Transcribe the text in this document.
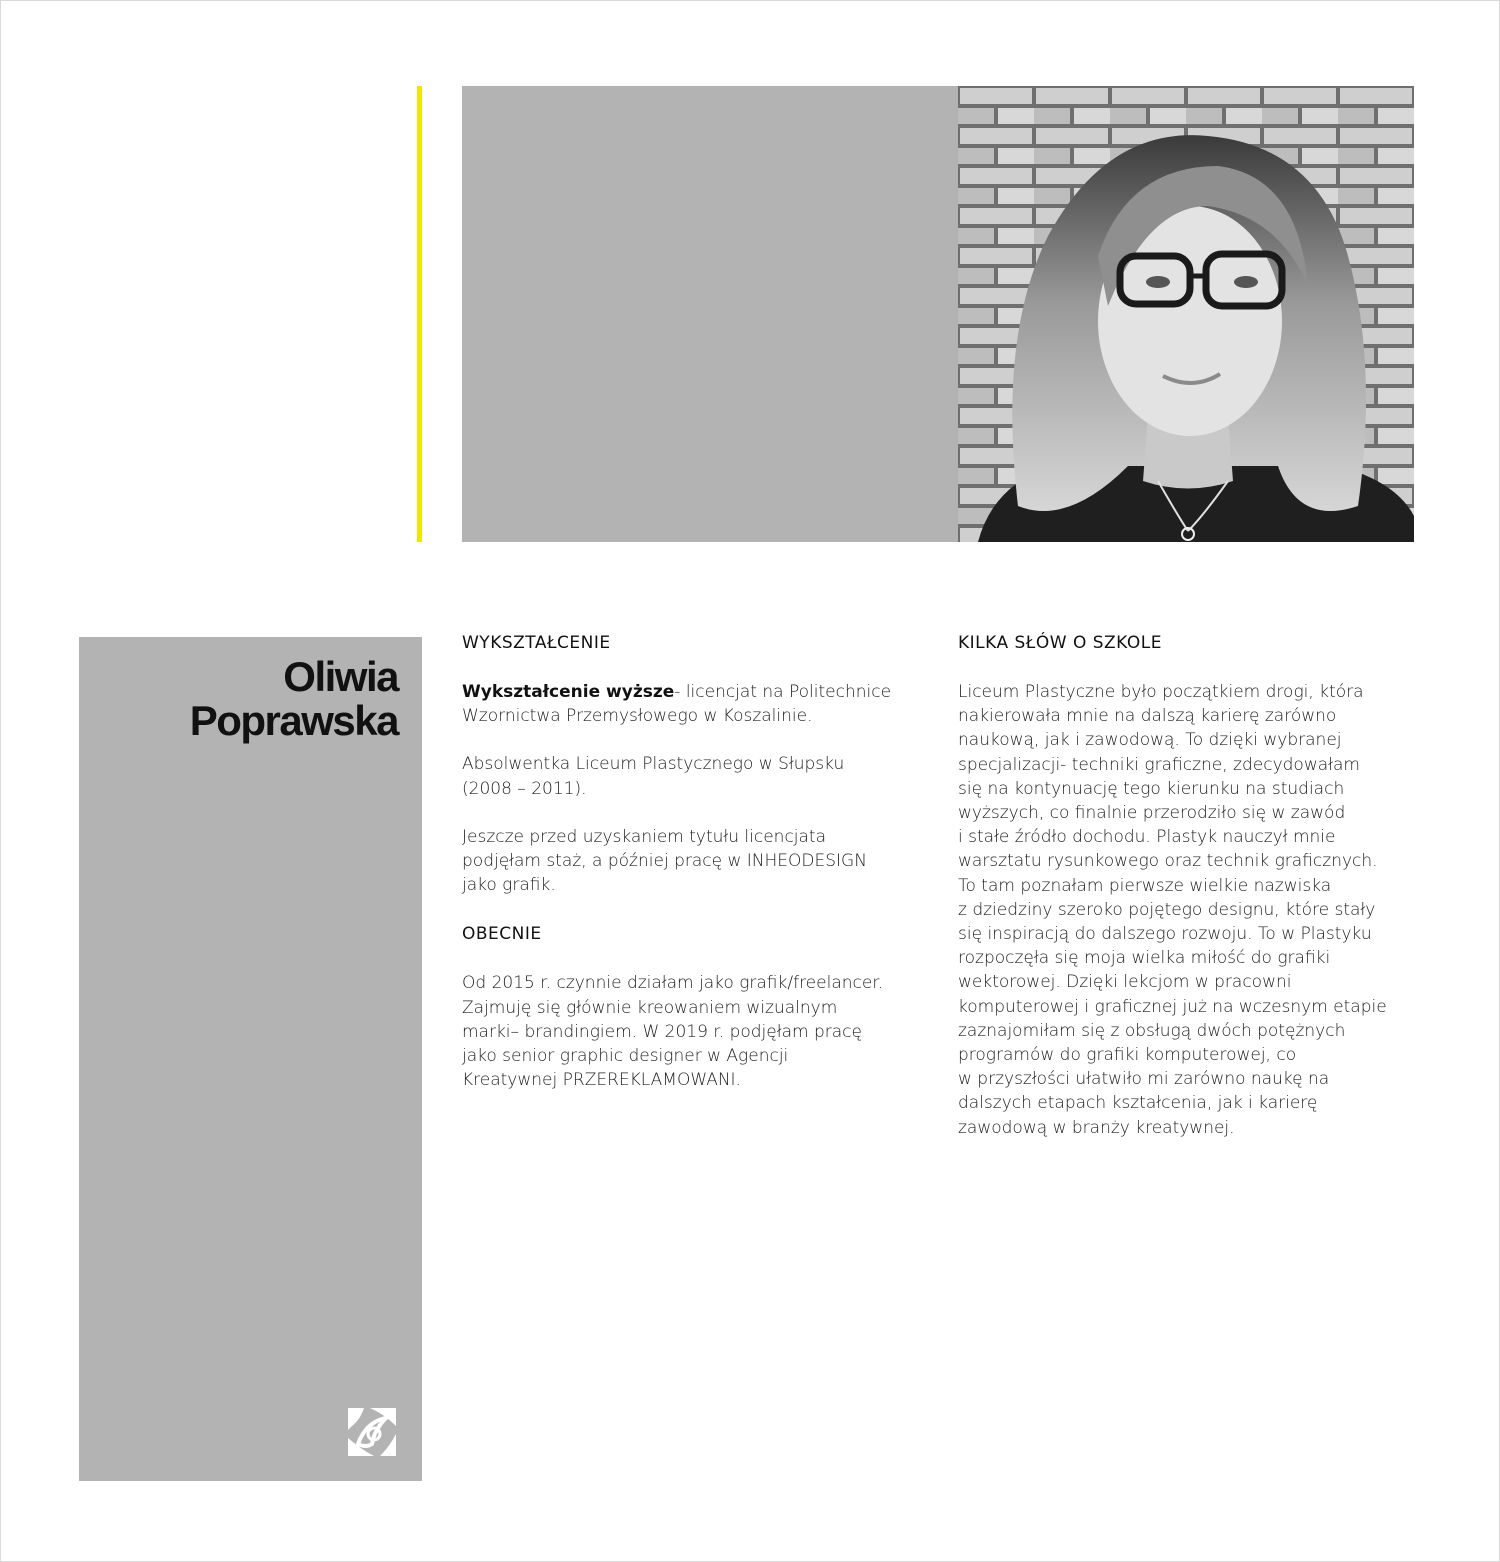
Oliwia
Poprawska
WYKSZTAŁCENIE

Wykształcenie wyższe- licencjat na Politechnice
Wzornictwa Przemysłowego w Koszalinie.

Absolwentka Liceum Plastycznego w Słupsku
(2008 – 2011).

Jeszcze przed uzyskaniem tytułu licencjata
podjęłam staż, a później pracę w INHEODESIGN
jako grafik.

OBECNIE

Od 2015 r. czynnie działam jako grafik/freelancer.
Zajmuję się głównie kreowaniem wizualnym
marki– brandingiem. W 2019 r. podjęłam pracę
jako senior graphic designer w Agencji
Kreatywnej PRZEREKLAMOWANI.

KILKA SŁÓW O SZKOLE

Liceum Plastyczne było początkiem drogi, która
nakierowała mnie na dalszą karierę zarówno
naukową, jak i zawodową. To dzięki wybranej
specjalizacji- techniki graficzne, zdecydowałam
się na kontynuację tego kierunku na studiach
wyższych, co finalnie przerodziło się w zawód
i stałe źródło dochodu. Plastyk nauczył mnie
warsztatu rysunkowego oraz technik graficznych.
To tam poznałam pierwsze wielkie nazwiska
z dziedziny szeroko pojętego designu, które stały
się inspiracją do dalszego rozwoju. To w Plastyku
rozpoczęła się moja wielka miłość do grafiki
wektorowej. Dzięki lekcjom w pracowni
komputerowej i graficznej już na wczesnym etapie
zaznajomiłam się z obsługą dwóch potężnych
programów do grafiki komputerowej, co
w przyszłości ułatwiło mi zarówno naukę na
dalszych etapach kształcenia, jak i karierę
zawodową w branży kreatywnej.
